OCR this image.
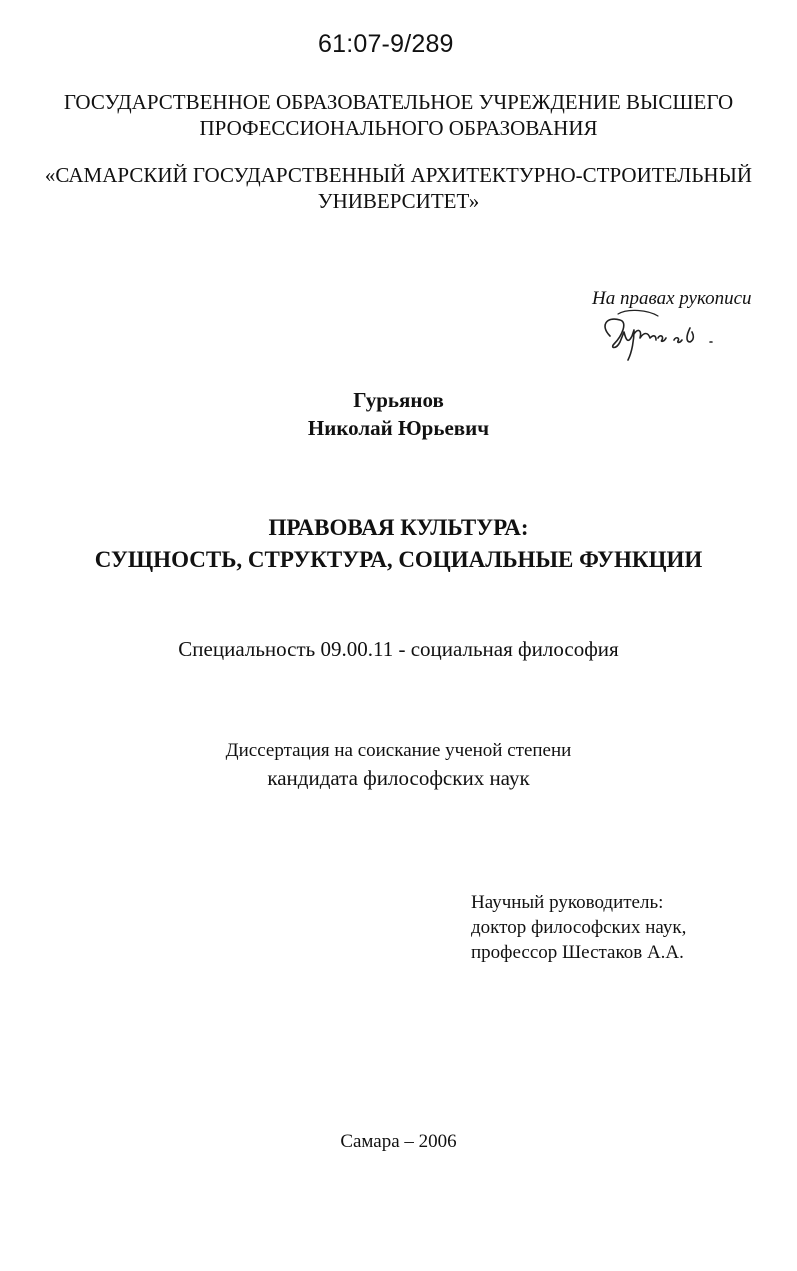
61:07-9/289
ГОСУДАРСТВЕННОЕ ОБРАЗОВАТЕЛЬНОЕ УЧРЕЖДЕНИЕ ВЫСШЕГО
ПРОФЕССИОНАЛЬНОГО ОБРАЗОВАНИЯ
«САМАРСКИЙ ГОСУДАРСТВЕННЫЙ АРХИТЕКТУРНО-СТРОИТЕЛЬНЫЙ
УНИВЕРСИТЕТ»
На правах рукописи
Гурьянов
Николай Юрьевич
ПРАВОВАЯ КУЛЬТУРА:
СУЩНОСТЬ, СТРУКТУРА, СОЦИАЛЬНЫЕ ФУНКЦИИ
Специальность 09.00.11 - социальная философия
Диссертация на соискание ученой степени
кандидата философских наук
Научный руководитель:
доктор философских наук,
профессор Шестаков А.А.
Самара – 2006
